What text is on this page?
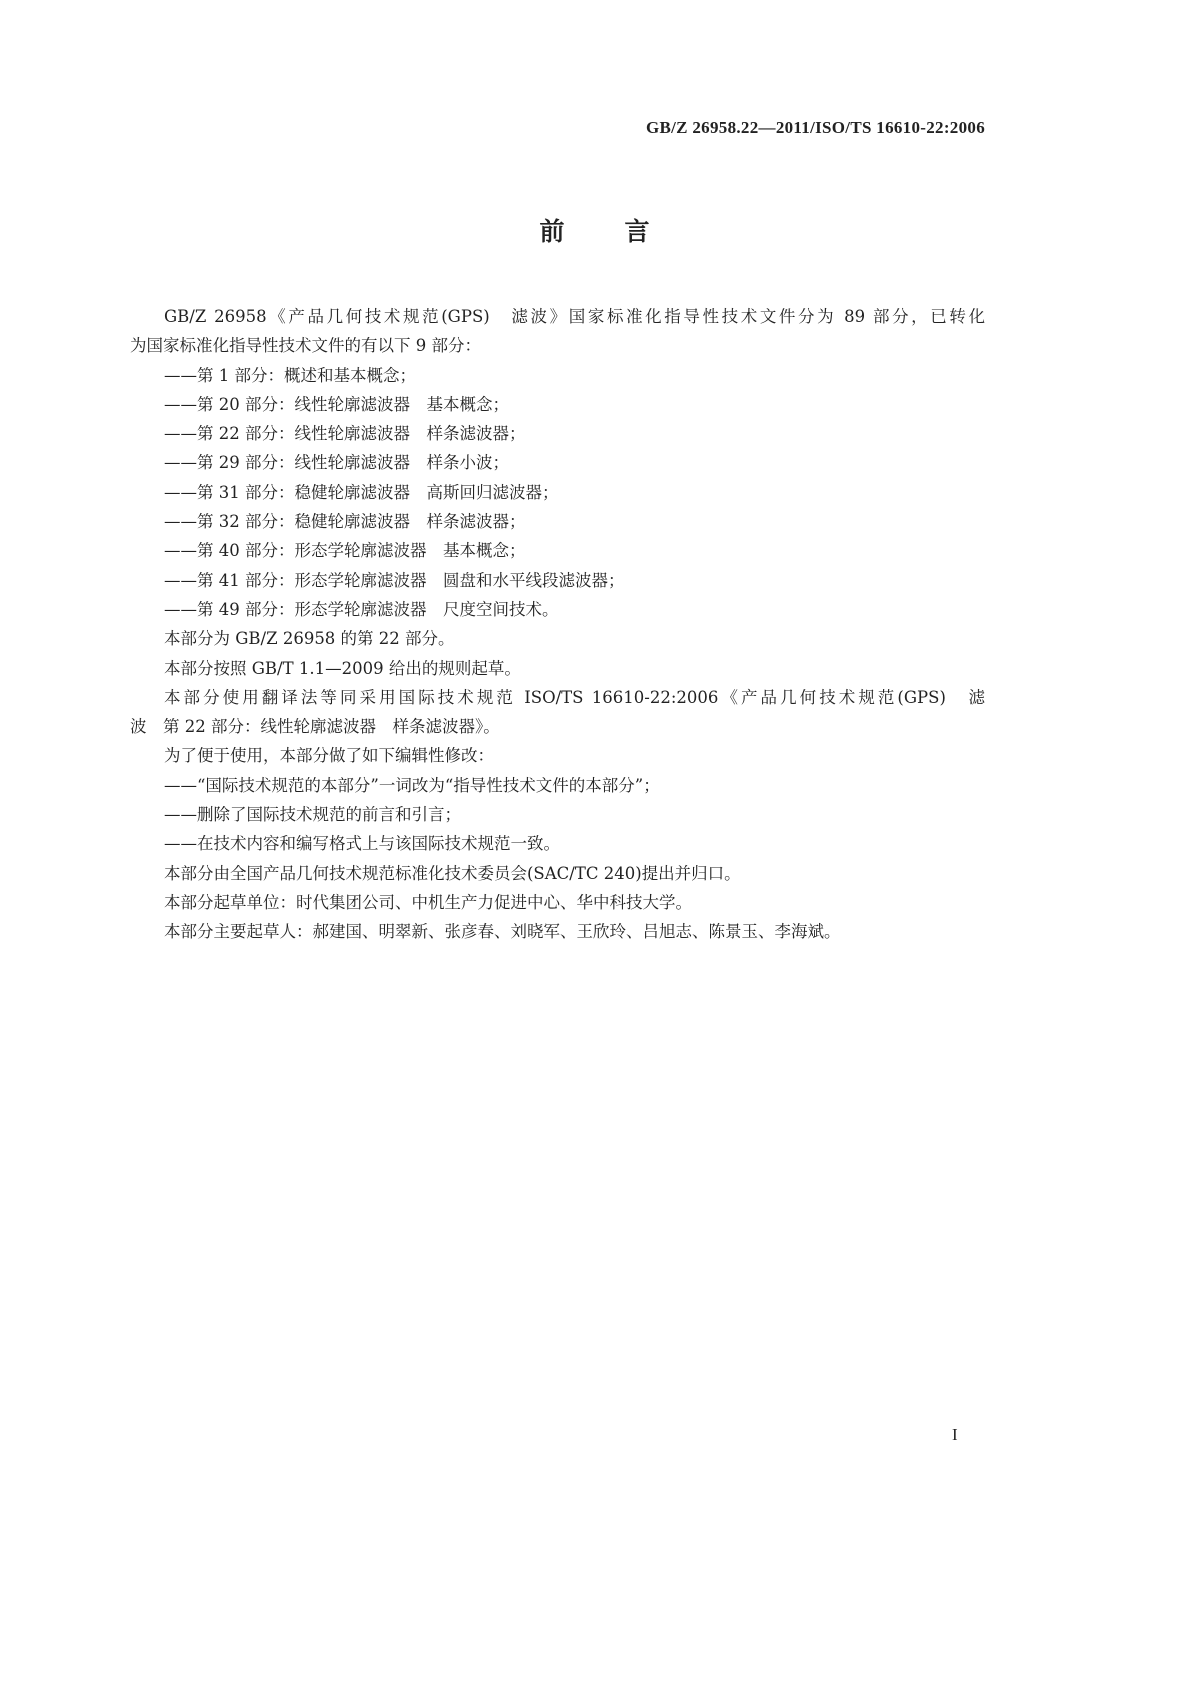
GB/Z 26958.22—2011/ISO/TS 16610-22:2006
前 言
GB/Z 26958《产品几何技术规范(GPS)　滤波》国家标准化指导性技术文件分为 89 部分，已转化
为国家标准化指导性技术文件的有以下 9 部分：
——第 1 部分：概述和基本概念；
——第 20 部分：线性轮廓滤波器　基本概念；
——第 22 部分：线性轮廓滤波器　样条滤波器；
——第 29 部分：线性轮廓滤波器　样条小波；
——第 31 部分：稳健轮廓滤波器　高斯回归滤波器；
——第 32 部分：稳健轮廓滤波器　样条滤波器；
——第 40 部分：形态学轮廓滤波器　基本概念；
——第 41 部分：形态学轮廓滤波器　圆盘和水平线段滤波器；
——第 49 部分：形态学轮廓滤波器　尺度空间技术。
本部分为 GB/Z 26958 的第 22 部分。
本部分按照 GB/T 1.1—2009 给出的规则起草。
本部分使用翻译法等同采用国际技术规范 ISO/TS 16610-22:2006《产品几何技术规范(GPS)　滤
波　第 22 部分：线性轮廓滤波器　样条滤波器》。
为了便于使用，本部分做了如下编辑性修改：
——“国际技术规范的本部分”一词改为“指导性技术文件的本部分”；
——删除了国际技术规范的前言和引言；
——在技术内容和编写格式上与该国际技术规范一致。
本部分由全国产品几何技术规范标准化技术委员会(SAC/TC 240)提出并归口。
本部分起草单位：时代集团公司、中机生产力促进中心、华中科技大学。
本部分主要起草人：郝建国、明翠新、张彦春、刘晓军、王欣玲、吕旭志、陈景玉、李海斌。
I
